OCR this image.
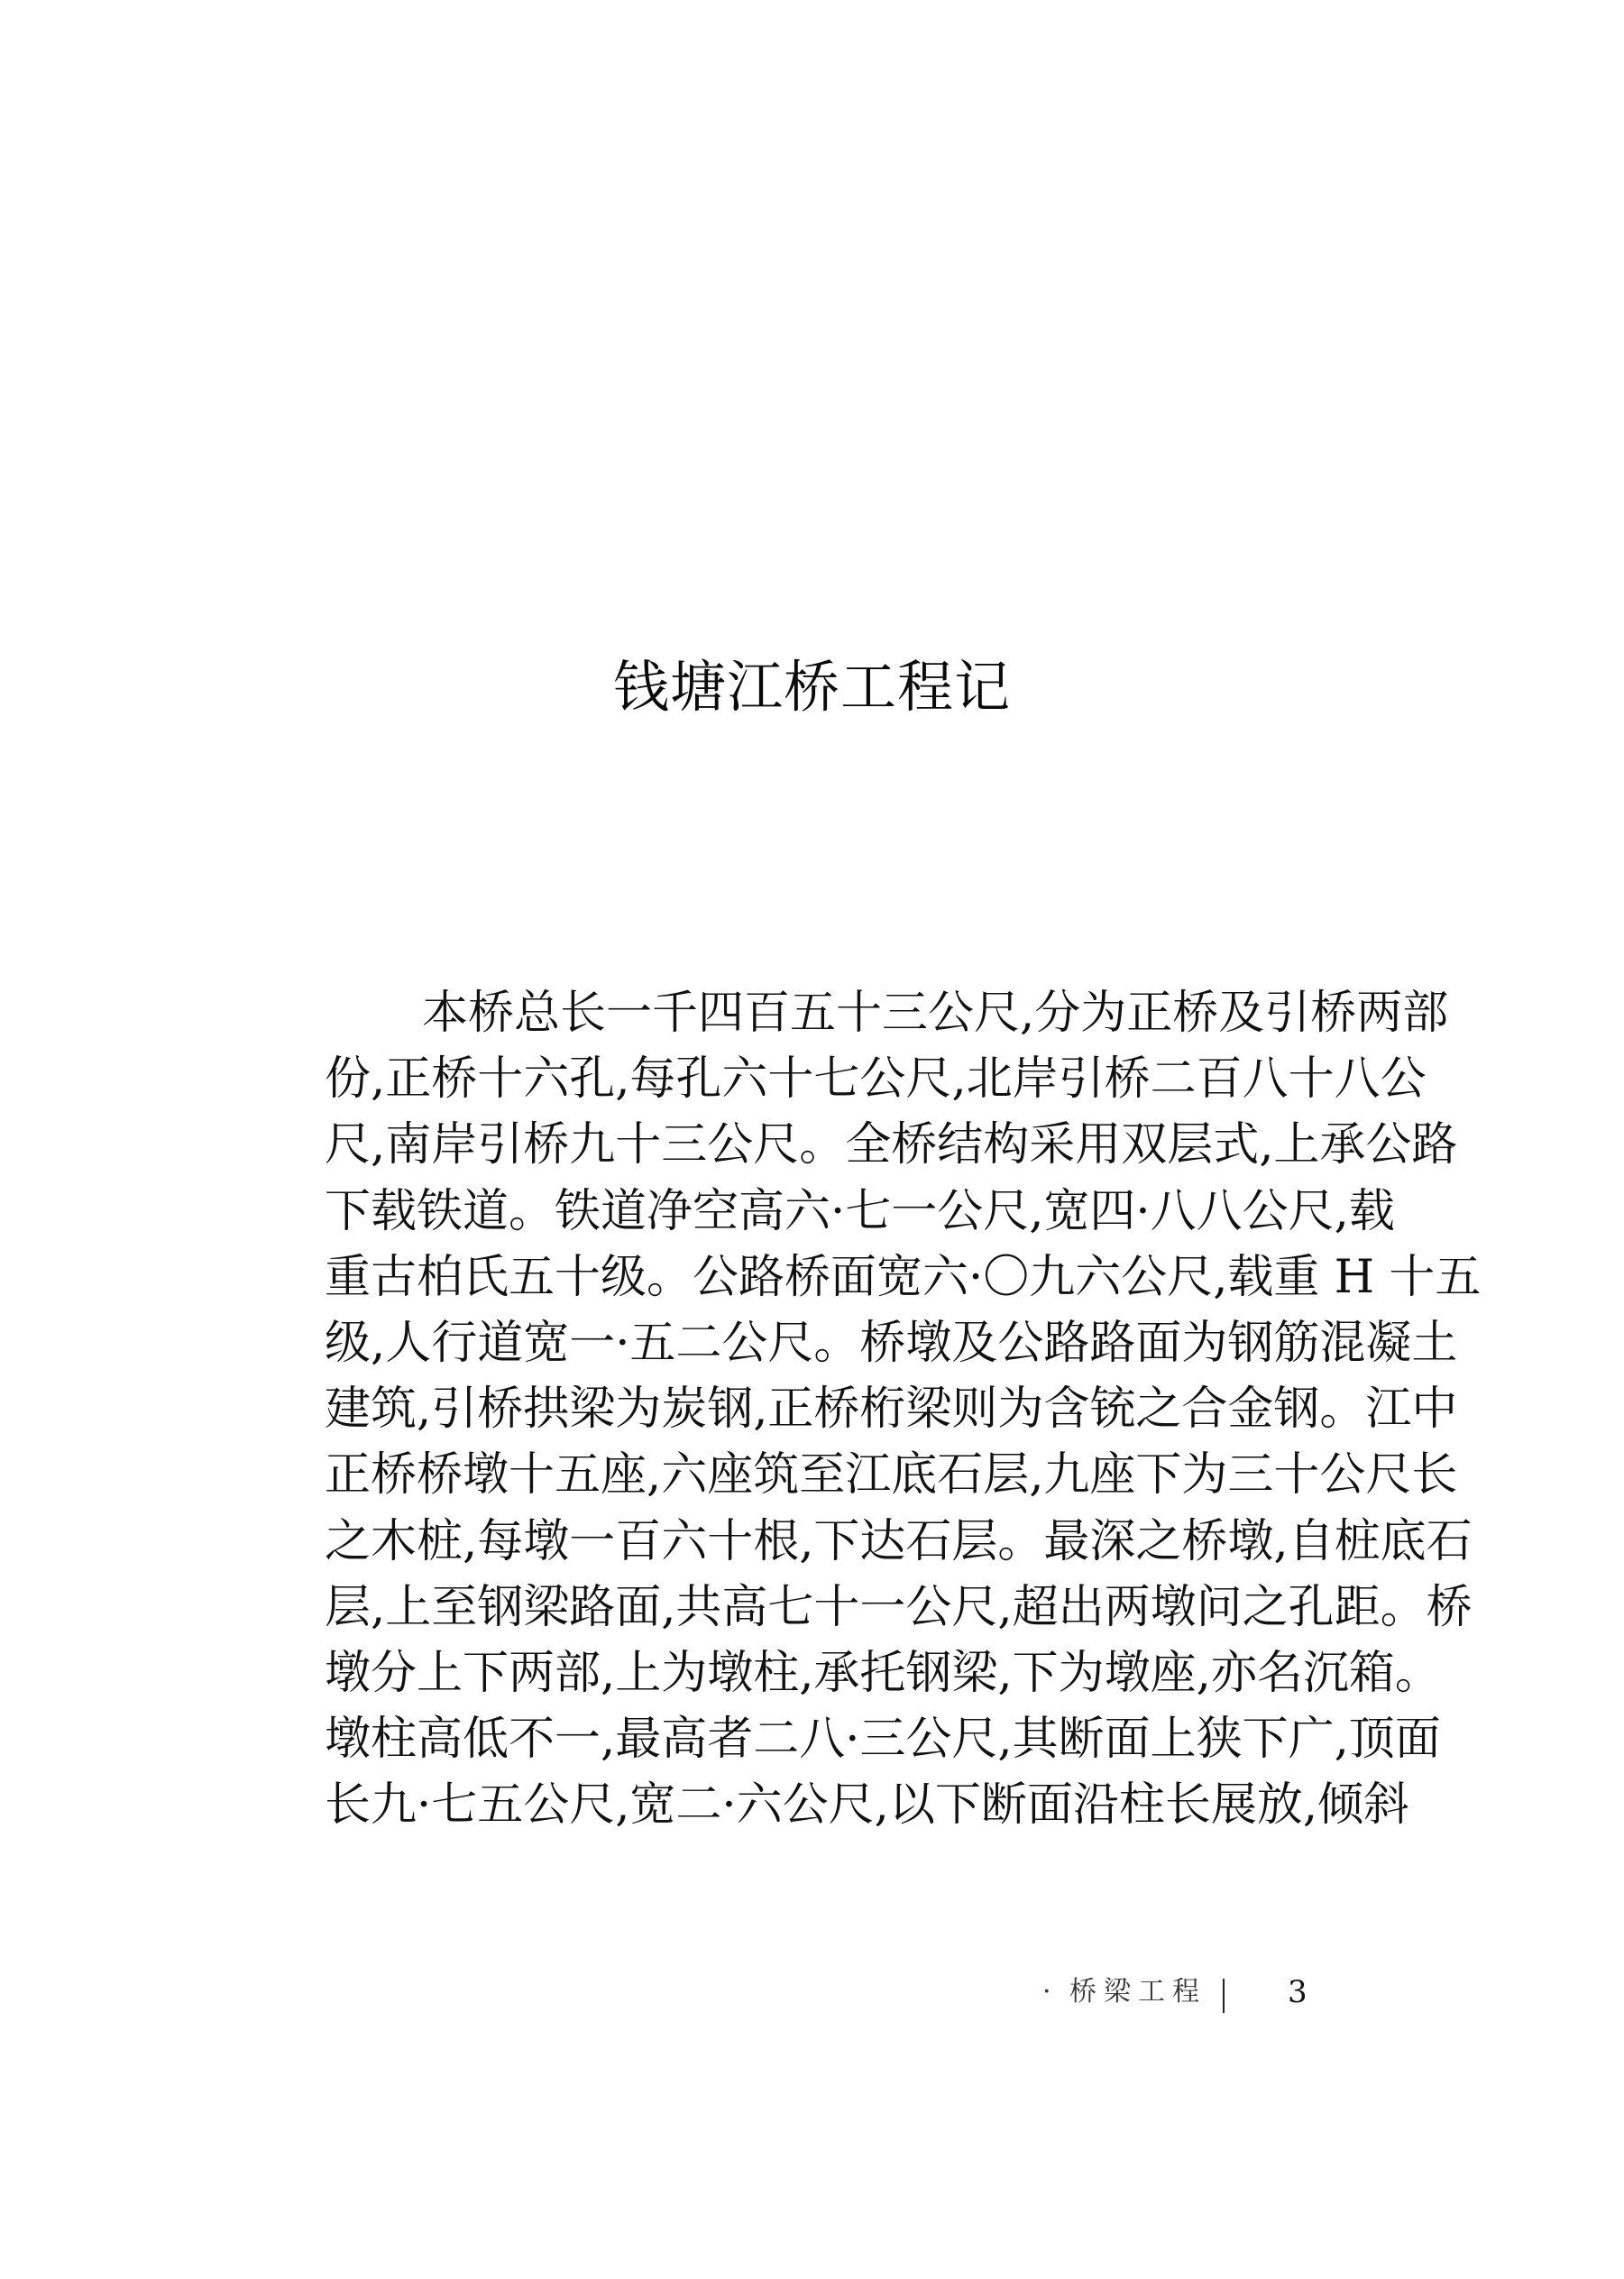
钱塘江桥工程记
本桥总长一千四百五十三公尺,分为正桥及引桥两部
份,正桥十六孔,每孔六十七公尺,北岸引桥二百八十八公
尺,南岸引桥九十三公尺。全桥结构采用双层式,上承公路
下载铁道。铁道净空高六·七一公尺,宽四·八八公尺,载
重古柏氏五十级。公路桥面宽六·〇九六公尺,载重 H 十五
级,人行道宽一·五二公尺。桥墩及公路路面为钢筋混凝土
建筑,引桥拱梁为炭钢,正桥桁梁则为含铳之合金钢。江中
正桥桥墩十五座,六座筑至江底石层,九座下为三十公尺长
之木桩,每墩一百六十根,下达石层。最深之桥墩,自桩底石
层,上至钢梁路面,共高七十一公尺,超出两墩问之孔距。桥
墩分上下两部,上为墩柱,承托钢梁,下为墩座,亦名沉箱。
墩柱高低不一,最高者二八·三公尺,其断面上狭下广,顶面
长九·七五公尺,宽二·六公尺,以下断面沿柱长展放,倾斜
· 桥梁工程	3
